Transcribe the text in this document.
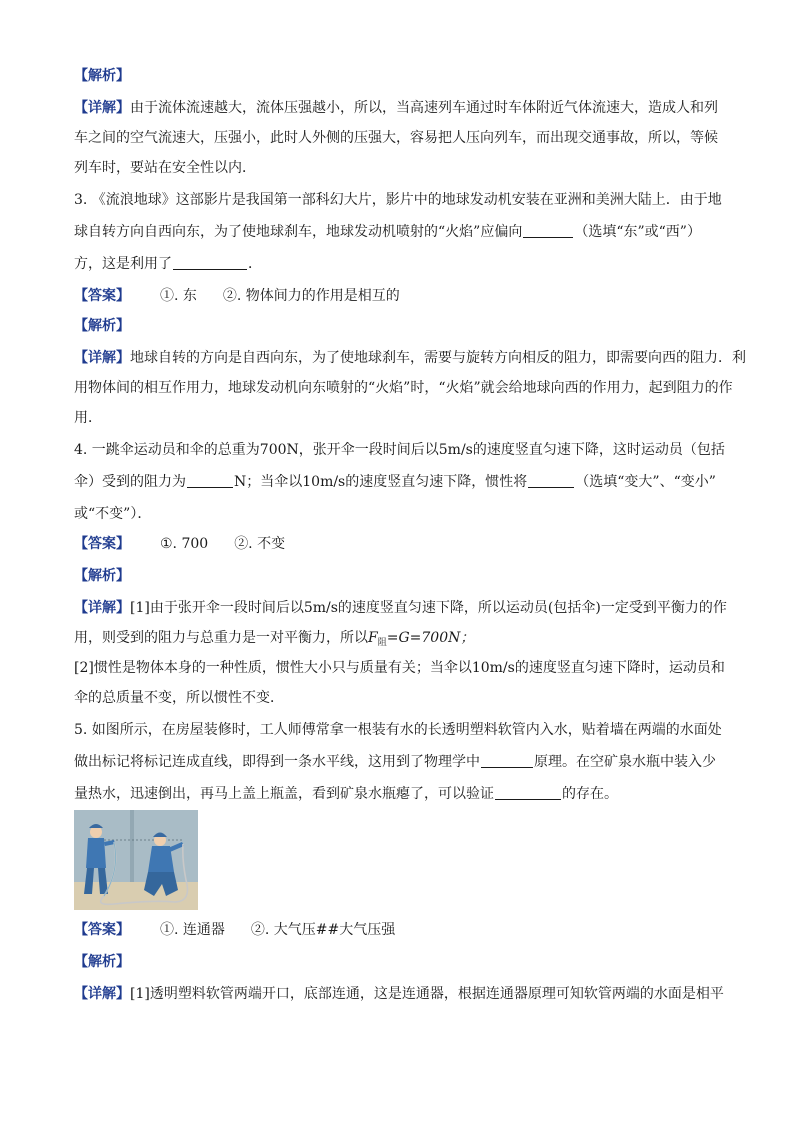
【解析】
【详解】由于流体流速越大，流体压强越小，所以，当高速列车通过时车体附近气体流速大，造成人和列
车之间的空气流速大，压强小，此时人外侧的压强大，容易把人压向列车，而出现交通事故，所以，等候
列车时，要站在安全性以内．
3. 《流浪地球》这部影片是我国第一部科幻大片，影片中的地球发动机安装在亚洲和美洲大陆上．由于地
球自转方向自西向东，为了使地球刹车，地球发动机喷射的“火焰”应偏向	（选填“东”或“西”）
方，这是利用了	．
【答案】 ①. 东 ②. 物体间力的作用是相互的
【解析】
【详解】地球自转的方向是自西向东，为了使地球刹车，需要与旋转方向相反的阻力，即需要向西的阻力．利
用物体间的相互作用力，地球发动机向东喷射的“火焰”时，“火焰”就会给地球向西的作用力，起到阻力的作
用．
4. 一跳伞运动员和伞的总重为700N，张开伞一段时间后以5m/s的速度竖直匀速下降，这时运动员（包括
伞）受到的阻力为	N；当伞以10m/s的速度竖直匀速下降，惯性将	（选填“变大”、“变小”
或“不变”）．
【答案】 ①. 700 ②. 不变
【解析】
【详解】[1]由于张开伞一段时间后以5m/s的速度竖直匀速下降，所以运动员(包括伞)一定受到平衡力的作
用，则受到的阻力与总重力是一对平衡力，所以$F_阻=G=700N$；
[2]惯性是物体本身的一种性质，惯性大小只与质量有关；当伞以10m/s的速度竖直匀速下降时，运动员和
伞的总质量不变，所以惯性不变．
5. 如图所示，在房屋装修时，工人师傅常拿一根装有水的长透明塑料软管内入水，贴着墙在两端的水面处
做出标记将标记连成直线，即得到一条水平线，这用到了物理学中	原理。在空矿泉水瓶中装入少
量热水，迅速倒出，再马上盖上瓶盖，看到矿泉水瓶瘪了，可以验证	的存在。
【答案】 ①. 连通器 ②. 大气压##大气压强
【解析】
【详解】[1]透明塑料软管两端开口，底部连通，这是连通器，根据连通器原理可知软管两端的水面是相平
